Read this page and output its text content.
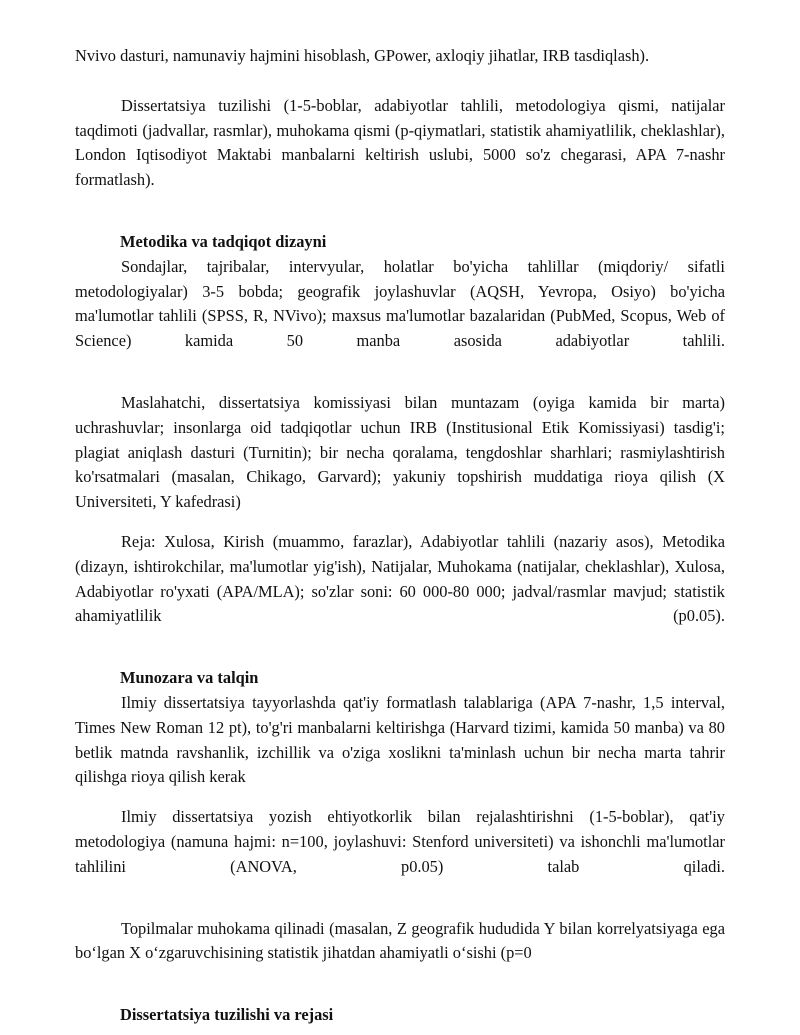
Nvivo dasturi, namunaviy hajmini hisoblash, GPower, axloqiy jihatlar, IRB tasdiqlash).

Dissertatsiya tuzilishi (1-5-boblar, adabiyotlar tahlili, metodologiya qismi, natijalar taqdimoti (jadvallar, rasmlar), muhokama qismi (p-qiymatlari, statistik ahamiyatlilik, cheklashlar), London Iqtisodiyot Maktabi manbalarni keltirish uslubi, 5000 so'z chegarasi, APA 7-nashr formatlash).

Metodika va tadqiqot dizayni

Sondajlar, tajribalar, intervyular, holatlar bo'yicha tahlillar (miqdoriy/ sifatli metodologiyalar) 3-5 bobda; geografik joylashuvlar (AQSH, Yevropa, Osiyo) bo'yicha ma'lumotlar tahlili (SPSS, R, NVivo); maxsus ma'lumotlar bazalaridan (PubMed, Scopus, Web of Science) kamida 50 manba asosida adabiyotlar tahlili.

Maslahatchi, dissertatsiya komissiyasi bilan muntazam (oyiga kamida bir marta) uchrashuvlar; insonlarga oid tadqiqotlar uchun IRB (Institusional Etik Komissiyasi) tasdig'i; plagiat aniqlash dasturi (Turnitin); bir necha qoralama, tengdoshlar sharhlari; rasmiylashtirish ko'rsatmalari (masalan, Chikago, Garvard); yakuniy topshirish muddatiga rioya qilish (X Universiteti, Y kafedrasi)

Reja: Xulosa, Kirish (muammo, farazlar), Adabiyotlar tahlili (nazariy asos), Metodika (dizayn, ishtirokchilar, ma'lumotlar yig'ish), Natijalar, Muhokama (natijalar, cheklashlar), Xulosa, Adabiyotlar ro'yxati (APA/MLA); so'zlar soni: 60 000-80 000; jadval/rasmlar mavjud; statistik ahamiyatlilik (p0.05).

Munozara va talqin

Ilmiy dissertatsiya tayyorlashda qat'iy formatlash talablariga (APA 7-nashr, 1,5 interval, Times New Roman 12 pt), to'g'ri manbalarni keltirishga (Harvard tizimi, kamida 50 manba) va 80 betlik matnda ravshanlik, izchillik va o'ziga xoslikni ta'minlash uchun bir necha marta tahrir qilishga rioya qilish kerak

Ilmiy dissertatsiya yozish ehtiyotkorlik bilan rejalashtirishni (1-5-boblar), qat'iy metodologiya (namuna hajmi: n=100, joylashuvi: Stenford universiteti) va ishonchli ma'lumotlar tahlilini (ANOVA, p0.05) talab qiladi.

Topilmalar muhokama qilinadi (masalan, Z geografik hududida Y bilan korrelyatsiyaga ega bo‘lgan X o‘zgaruvchisining statistik jihatdan ahamiyatli o‘sishi (p=0

Dissertatsiya tuzilishi va rejasi
